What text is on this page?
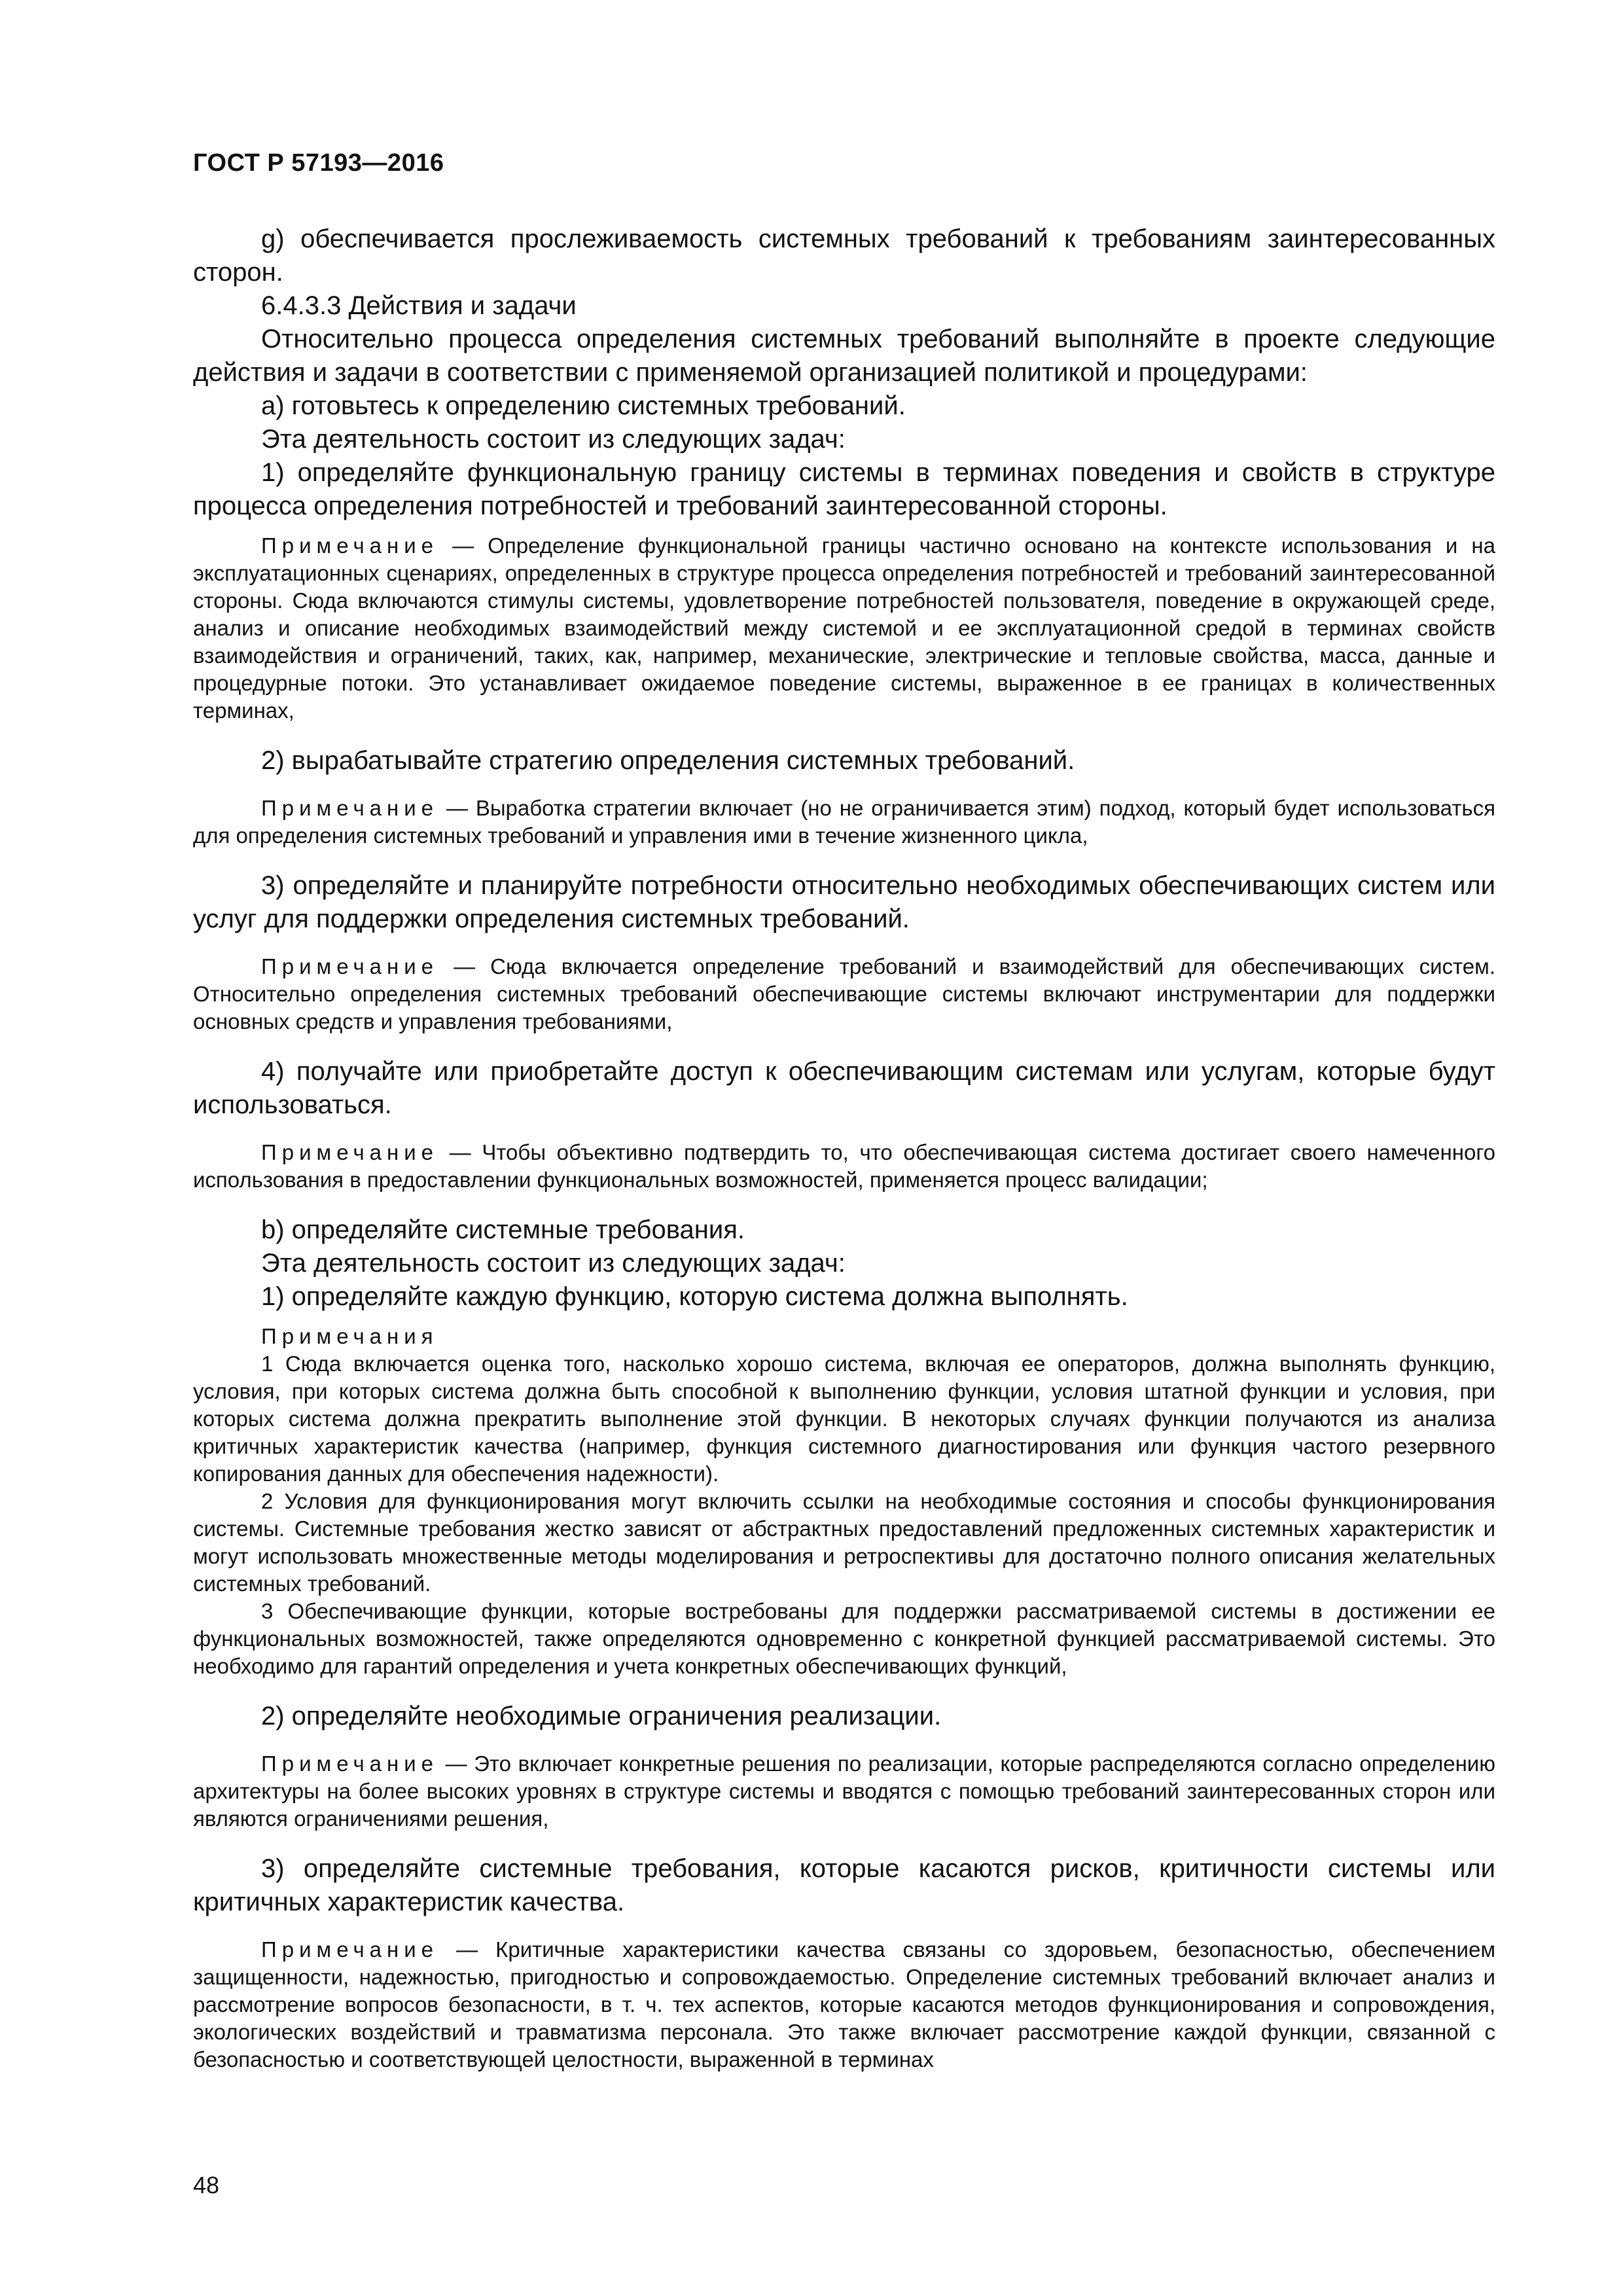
ГОСТ Р 57193—2016

g) обеспечивается прослеживаемость системных требований к требованиям заинтересованных сторон.

6.4.3.3 Действия и задачи

Относительно процесса определения системных требований выполняйте в проекте следующие действия и задачи в соответствии с применяемой организацией политикой и процедурами:

a) готовьтесь к определению системных требований.

Эта деятельность состоит из следующих задач:

1) определяйте функциональную границу системы в терминах поведения и свойств в структуре процесса определения потребностей и требований заинтересованной стороны.

Примечание — Определение функциональной границы частично основано на контексте использования и на эксплуатационных сценариях, определенных в структуре процесса определения потребностей и требований заинтересованной стороны. Сюда включаются стимулы системы, удовлетворение потребностей пользователя, поведение в окружающей среде, анализ и описание необходимых взаимодействий между системой и ее эксплуатационной средой в терминах свойств взаимодействия и ограничений, таких, как, например, механические, электрические и тепловые свойства, масса, данные и процедурные потоки. Это устанавливает ожидаемое поведение системы, выраженное в ее границах в количественных терминах,

2) вырабатывайте стратегию определения системных требований.

Примечание — Выработка стратегии включает (но не ограничивается этим) подход, который будет использоваться для определения системных требований и управления ими в течение жизненного цикла,

3) определяйте и планируйте потребности относительно необходимых обеспечивающих систем или услуг для поддержки определения системных требований.

Примечание — Сюда включается определение требований и взаимодействий для обеспечивающих систем. Относительно определения системных требований обеспечивающие системы включают инструментарии для поддержки основных средств и управления требованиями,

4) получайте или приобретайте доступ к обеспечивающим системам или услугам, которые будут использоваться.

Примечание — Чтобы объективно подтвердить то, что обеспечивающая система достигает своего намеченного использования в предоставлении функциональных возможностей, применяется процесс валидации;

b) определяйте системные требования.

Эта деятельность состоит из следующих задач:

1) определяйте каждую функцию, которую система должна выполнять.

Примечания

1 Сюда включается оценка того, насколько хорошо система, включая ее операторов, должна выполнять функцию, условия, при которых система должна быть способной к выполнению функции, условия штатной функции и условия, при которых система должна прекратить выполнение этой функции. В некоторых случаях функции получаются из анализа критичных характеристик качества (например, функция системного диагностирования или функция частого резервного копирования данных для обеспечения надежности).

2 Условия для функционирования могут включить ссылки на необходимые состояния и способы функционирования системы. Системные требования жестко зависят от абстрактных предоставлений предложенных системных характеристик и могут использовать множественные методы моделирования и ретроспективы для достаточно полного описания желательных системных требований.

3 Обеспечивающие функции, которые востребованы для поддержки рассматриваемой системы в достижении ее функциональных возможностей, также определяются одновременно с конкретной функцией рассматриваемой системы. Это необходимо для гарантий определения и учета конкретных обеспечивающих функций,

2) определяйте необходимые ограничения реализации.

Примечание — Это включает конкретные решения по реализации, которые распределяются согласно определению архитектуры на более высоких уровнях в структуре системы и вводятся с помощью требований заинтересованных сторон или являются ограничениями решения,

3) определяйте системные требования, которые касаются рисков, критичности системы или критичных характеристик качества.

Примечание — Критичные характеристики качества связаны со здоровьем, безопасностью, обеспечением защищенности, надежностью, пригодностью и сопровождаемостью. Определение системных требований включает анализ и рассмотрение вопросов безопасности, в т. ч. тех аспектов, которые касаются методов функционирования и сопровождения, экологических воздействий и травматизма персонала. Это также включает рассмотрение каждой функции, связанной с безопасностью и соответствующей целостности, выраженной в терминах

48
